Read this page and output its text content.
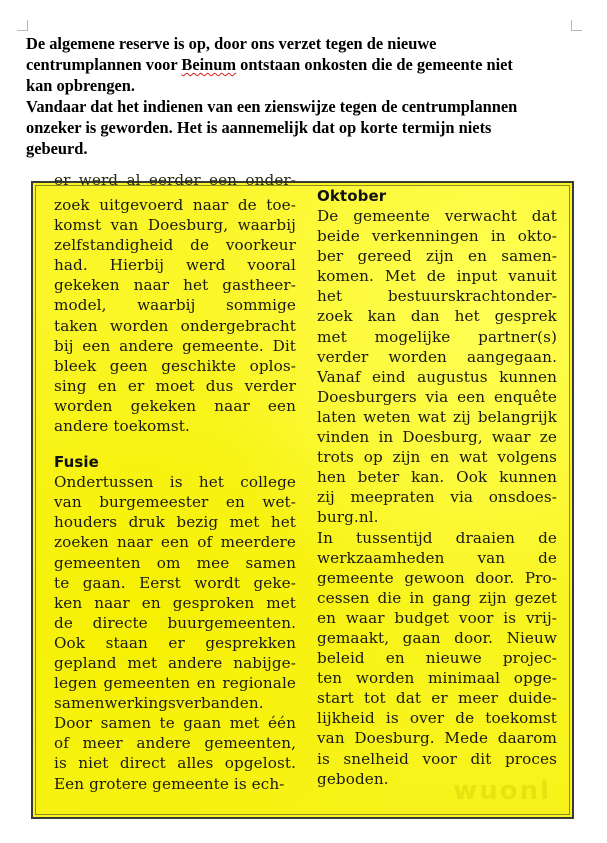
De algemene reserve is op, door ons verzet tegen de nieuwe
centrumplannen voor Beinum ontstaan onkosten die de gemeente niet
kan opbrengen.

Vandaar dat het indienen van een zienswijze tegen de centrumplannen
onzeker is geworden. Het is aannemelijk dat op korte termijn niets
gebeurd.

er werd al eerder een onder-
zoek uitgevoerd naar de toe-
komst van Doesburg, waarbij
zelfstandigheid de voorkeur
had. Hierbij werd vooral
gekeken naar het gastheer-
model, waarbij sommige
taken worden ondergebracht
bij een andere gemeente. Dit
bleek geen geschikte oplos-
sing en er moet dus verder
worden gekeken naar een
andere toekomst.
Fusie
Ondertussen is het college
van burgemeester en wet-
houders druk bezig met het
zoeken naar een of meerdere
gemeenten om mee samen
te gaan. Eerst wordt geke-
ken naar en gesproken met
de directe buurgemeenten.
Ook staan er gesprekken
gepland met andere nabijge-
legen gemeenten en regionale
samenwerkingsverbanden.
Door samen te gaan met één
of meer andere gemeenten,
is niet direct alles opgelost.
Een grotere gemeente is ech-
Oktober
De gemeente verwacht dat
beide verkenningen in okto-
ber gereed zijn en samen-
komen. Met de input vanuit
het bestuurskrachtonder-
zoek kan dan het gesprek
met mogelijke partner(s)
verder worden aangegaan.
Vanaf eind augustus kunnen
Doesburgers via een enquête
laten weten wat zij belangrijk
vinden in Doesburg, waar ze
trots op zijn en wat volgens
hen beter kan. Ook kunnen
zij meepraten via onsdoes-
burg.nl.
In tussentijd draaien de
werkzaamheden van de
gemeente gewoon door. Pro-
cessen die in gang zijn gezet
en waar budget voor is vrij-
gemaakt, gaan door. Nieuw
beleid en nieuwe projec-
ten worden minimaal opge-
start tot dat er meer duide-
lijkheid is over de toekomst
van Doesburg. Mede daarom
is snelheid voor dit proces
geboden.	wuonl
